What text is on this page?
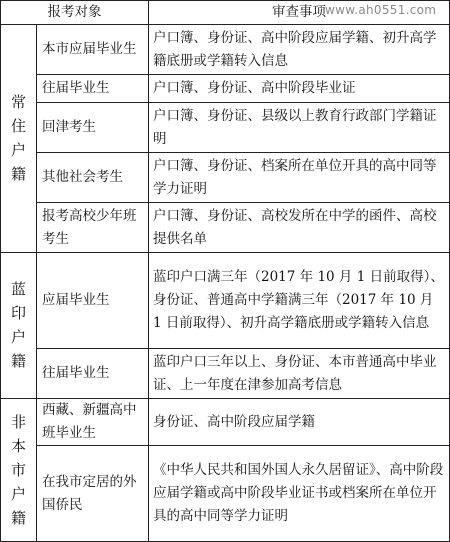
www.ah0551.com
报考对象		审查事项
常住户籍	本市应届毕业生	户口簿、身份证、高中阶段应届学籍、初升高学籍底册或学籍转入信息
	往届毕业生	户口簿、身份证、高中阶段毕业证
	回津考生	户口簿、身份证、县级以上教育行政部门学籍证明
	其他社会考生	户口簿、身份证、档案所在单位开具的高中同等学力证明
	报考高校少年班考生	户口簿、身份证、高校发所在中学的函件、高校提供名单
蓝印户籍	应届毕业生	蓝印户口满三年（2017 年 10 月 1 日前取得）、身份证、普通高中学籍满三年（2017 年 10 月 1 日前取得）、初升高学籍底册或学籍转入信息
	往届毕业生	蓝印户口三年以上、身份证、本市普通高中毕业证、上一年度在津参加高考信息
非本市户籍	西藏、新疆高中班毕业生	身份证、高中阶段应届学籍
	在我市定居的外国侨民	《中华人民共和国外国人永久居留证》、高中阶段应届学籍或高中阶段毕业证书或档案所在单位开具的高中同等学力证明
